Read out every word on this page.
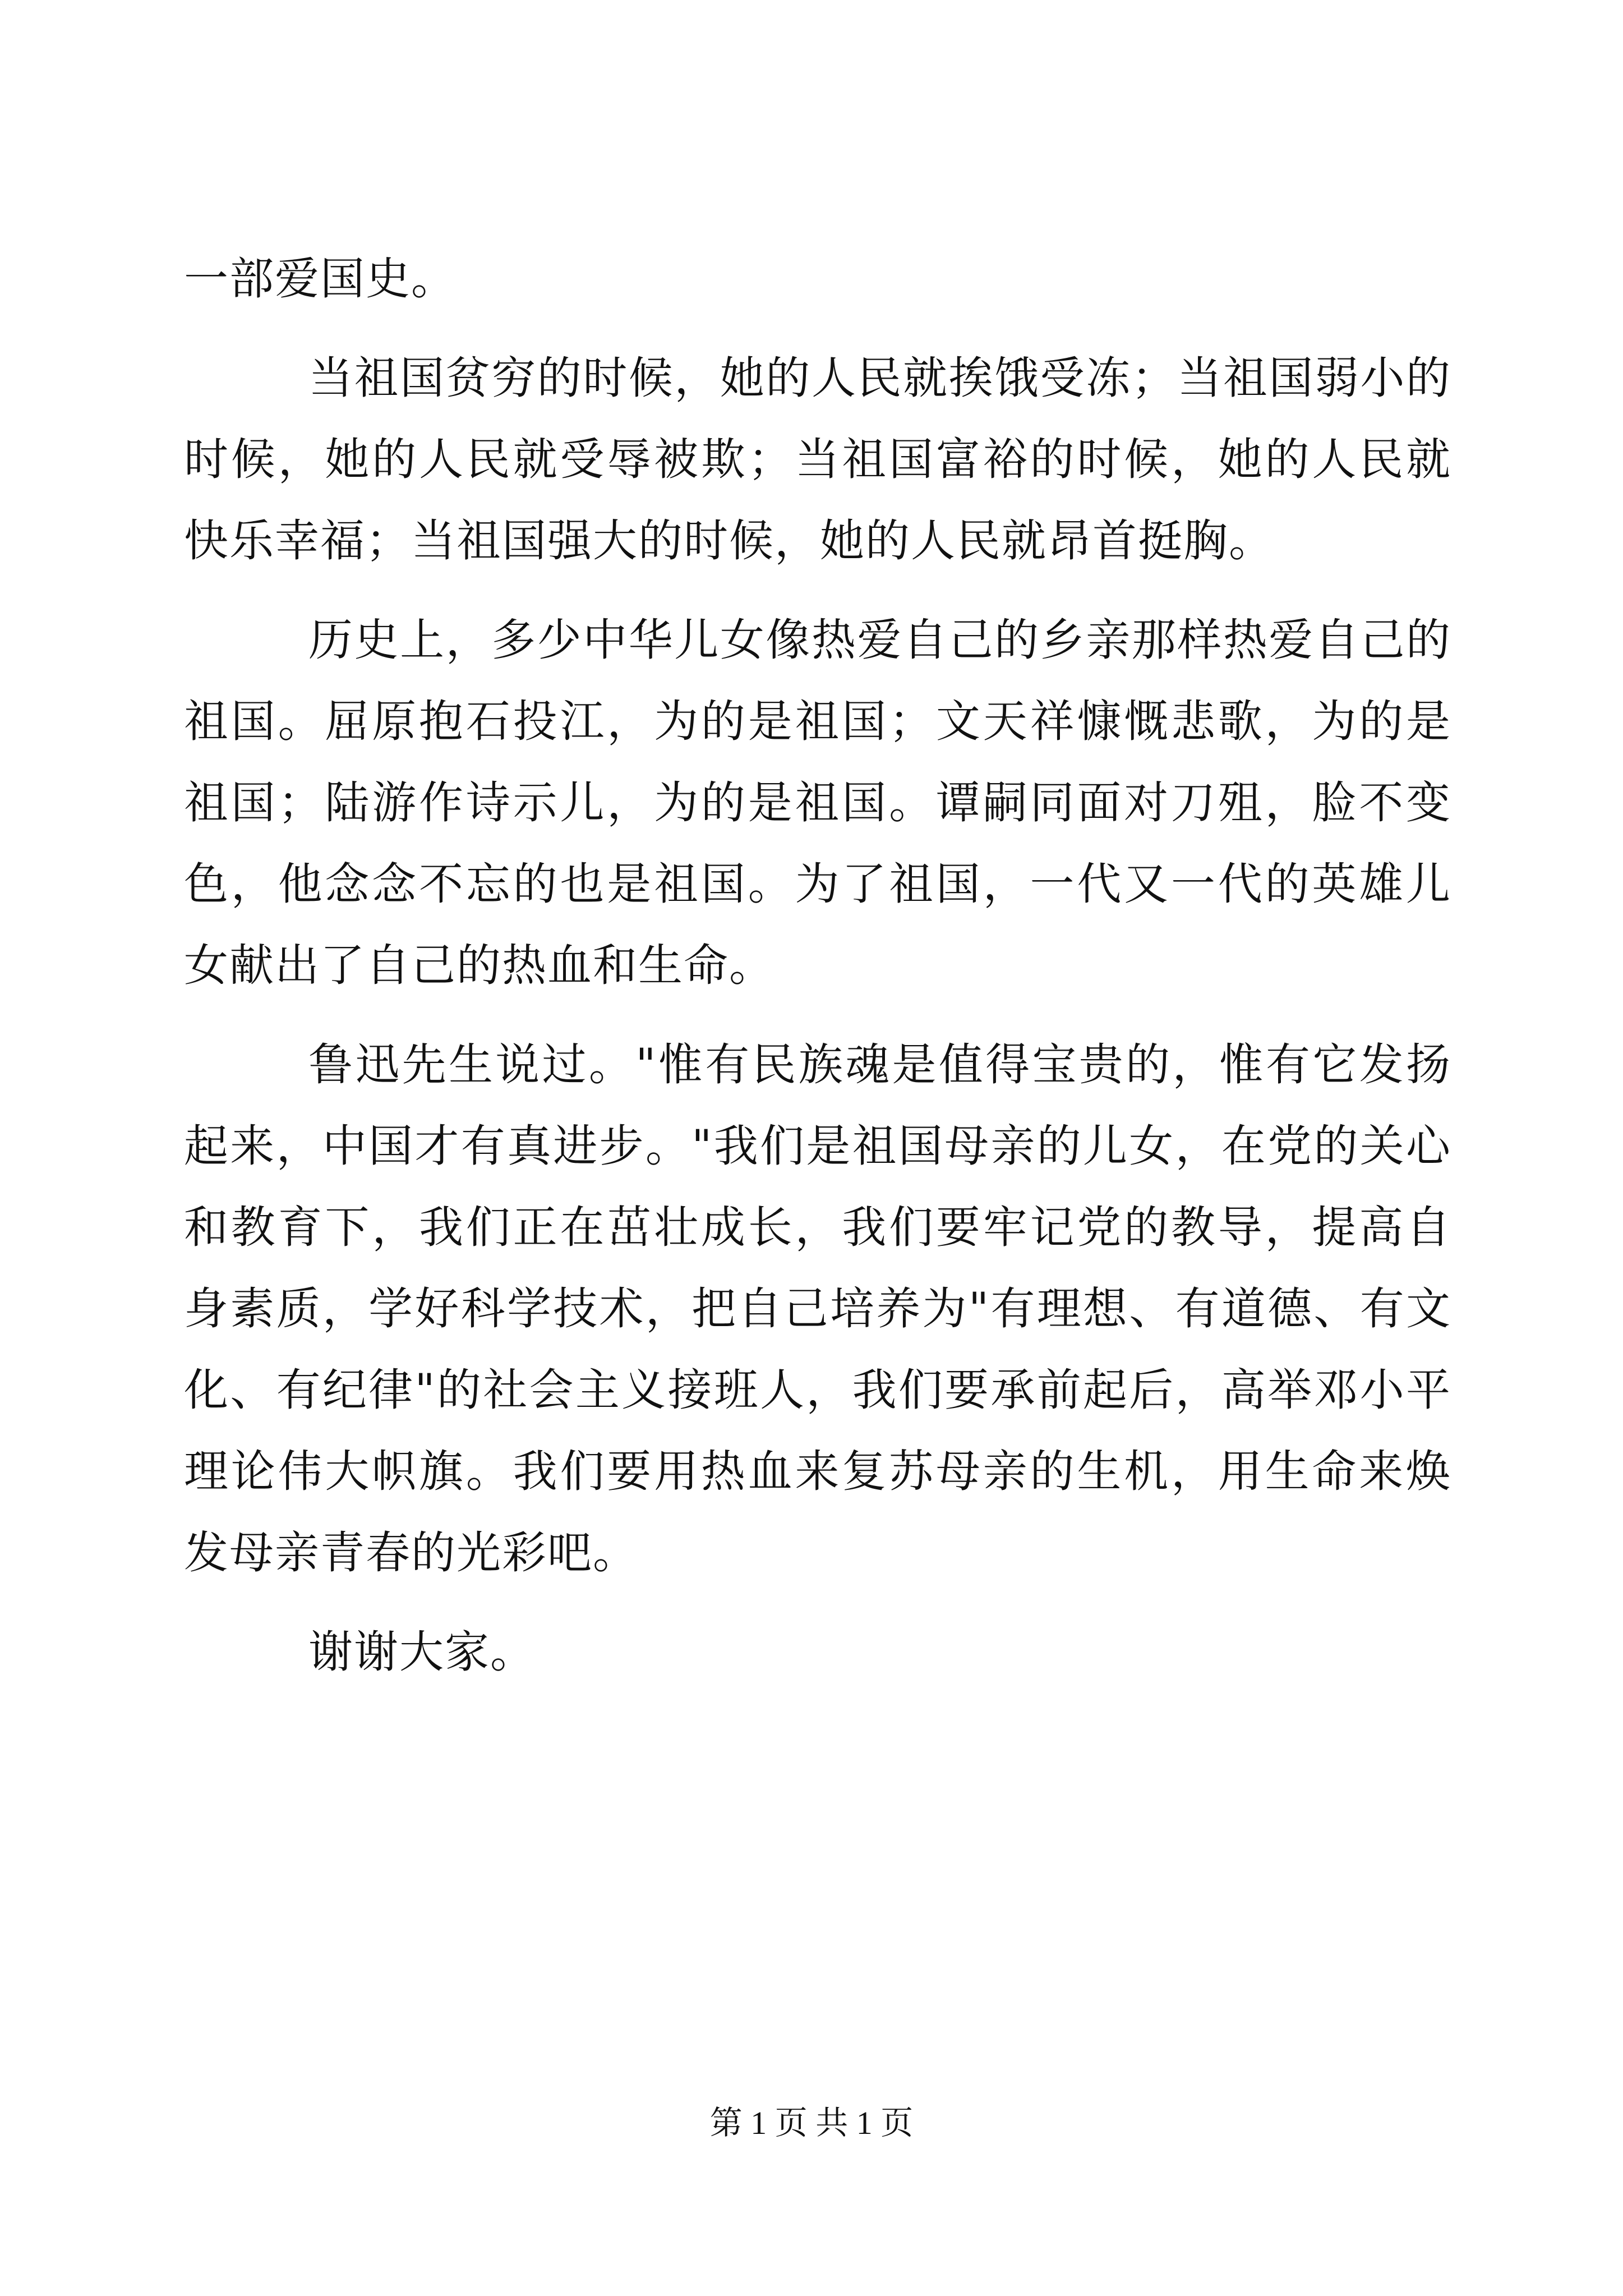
一部爱国史。

当祖国贫穷的时候，她的人民就挨饿受冻；当祖国弱小的时候，她的人民就受辱被欺；当祖国富裕的时候，她的人民就快乐幸福；当祖国强大的时候，她的人民就昂首挺胸。

历史上，多少中华儿女像热爱自己的乡亲那样热爱自己的祖国。屈原抱石投江，为的是祖国；文天祥慷慨悲歌，为的是祖国；陆游作诗示儿，为的是祖国。谭嗣同面对刀殂，脸不变色，他念念不忘的也是祖国。为了祖国，一代又一代的英雄儿女献出了自己的热血和生命。

鲁迅先生说过。"惟有民族魂是值得宝贵的，惟有它发扬起来，中国才有真进步。"我们是祖国母亲的儿女，在党的关心和教育下，我们正在茁壮成长，我们要牢记党的教导，提高自身素质，学好科学技术，把自己培养为"有理想、有道德、有文化、有纪律"的社会主义接班人，我们要承前起后，高举邓小平理论伟大帜旗。我们要用热血来复苏母亲的生机，用生命来焕发母亲青春的光彩吧。

谢谢大家。

第 1 页 共 1 页
